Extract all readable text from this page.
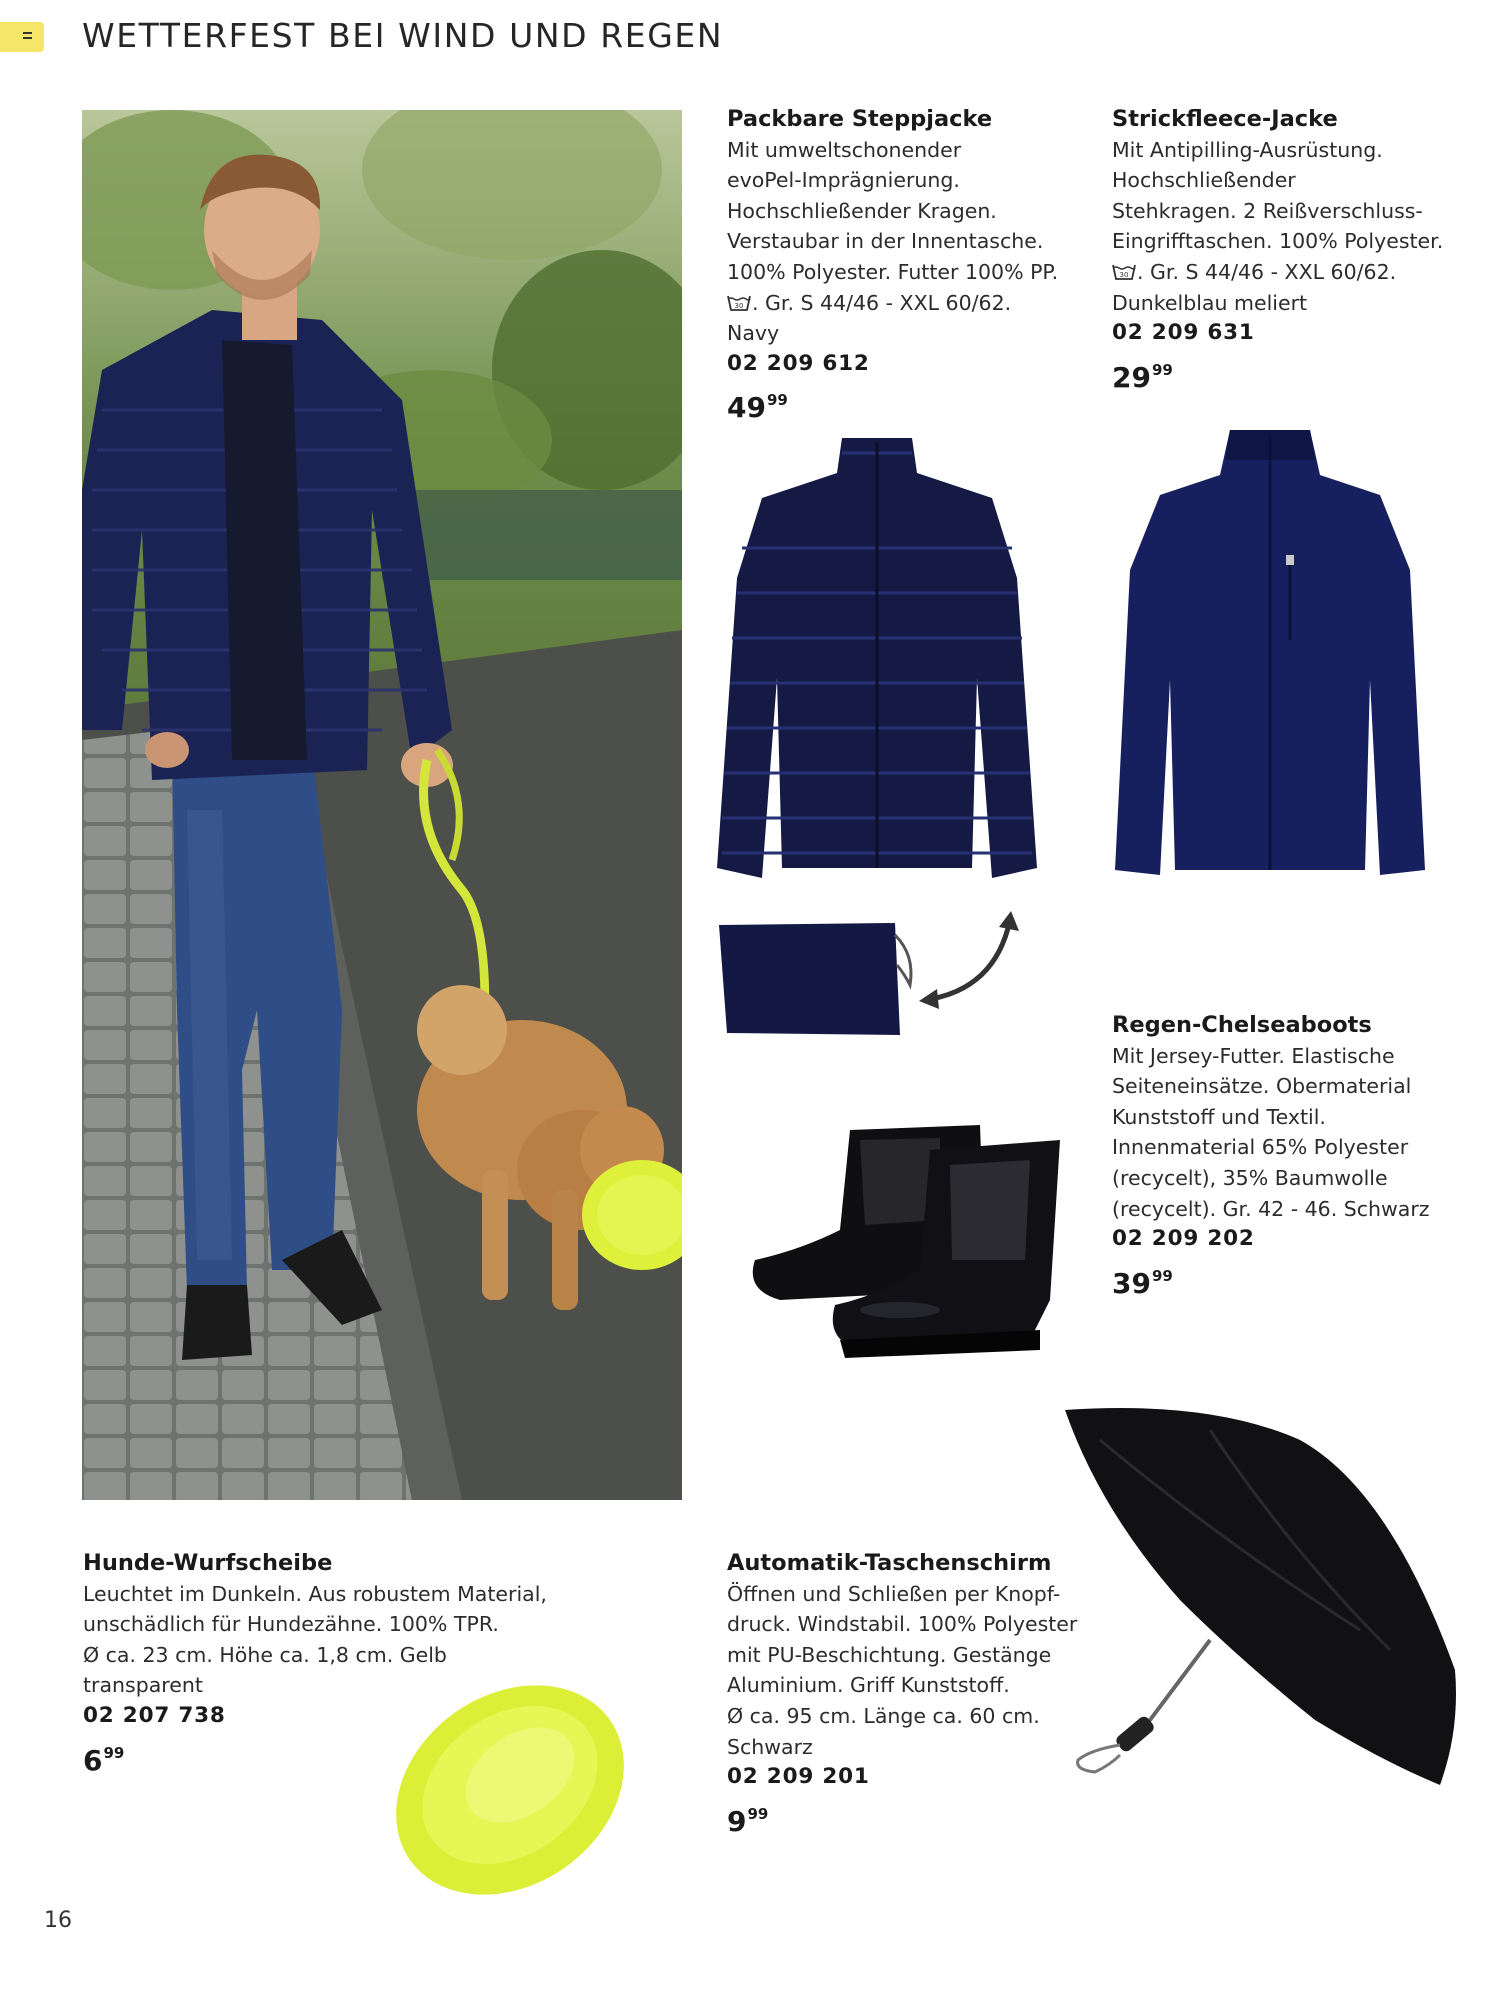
WETTERFEST BEI WIND UND REGEN
Packbare Steppjacke
Mit umweltschonender
evoPel-Imprägnierung.
Hochschließender Kragen.
Verstaubar in der Innentasche.
100% Polyester. Futter 100% PP.
30 . Gr. S 44/46 - XXL 60/62.
Navy
02 209 612
$49^{99}$
Strickfleece-Jacke
Mit Antipilling-Ausrüstung.
Hochschließender
Stehkragen. 2 Reißverschluss-
Eingrifftaschen. 100% Polyester.
30 . Gr. S 44/46 - XXL 60/62.
Dunkelblau meliert
02 209 631
$29^{99}$
Regen-Chelseaboots
Mit Jersey-Futter. Elastische
Seiteneinsätze. Obermaterial
Kunststoff und Textil.
Innenmaterial 65% Polyester
(recycelt), 35% Baumwolle
(recycelt). Gr. 42 - 46. Schwarz
02 209 202
$39^{99}$
Hunde-Wurfscheibe
Leuchtet im Dunkeln. Aus robustem Material,
unschädlich für Hundezähne. 100% TPR.
Ø ca. 23 cm. Höhe ca. 1,8 cm. Gelb
transparent
02 207 738
$6^{99}$
Automatik-Taschenschirm
Öffnen und Schließen per Knopf-
druck. Windstabil. 100% Polyester
mit PU-Beschichtung. Gestänge
Aluminium. Griff Kunststoff.
Ø ca. 95 cm. Länge ca. 60 cm.
Schwarz
02 209 201
$9^{99}$
16
